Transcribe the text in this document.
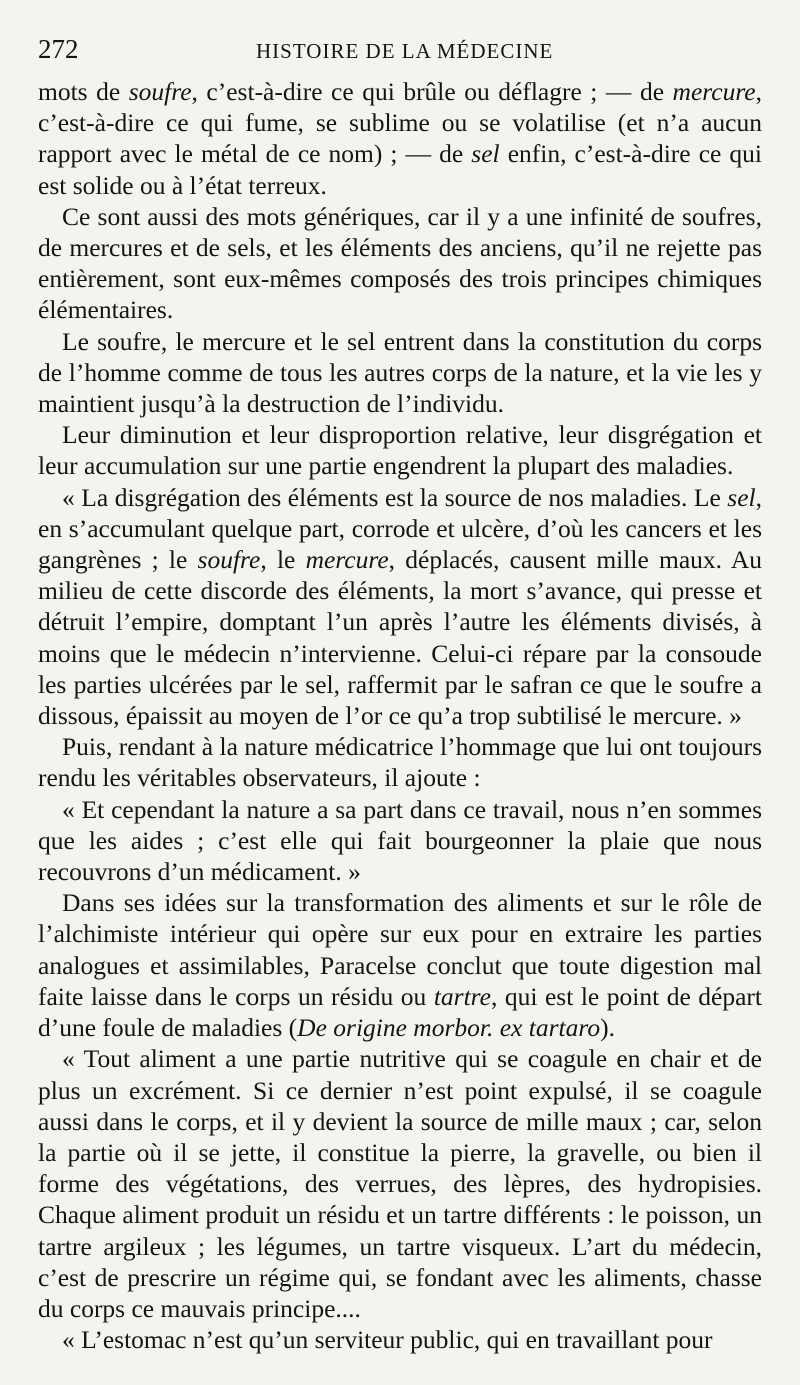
272	HISTOIRE DE LA MÉDECINE

mots de soufre, c’est-à-dire ce qui brûle ou déflagre ; — de mercure, c’est-à-dire ce qui fume, se sublime ou se volatilise (et n’a aucun rapport avec le métal de ce nom) ; — de sel enfin, c’est-à-dire ce qui est solide ou à l’état terreux.

Ce sont aussi des mots génériques, car il y a une infinité de soufres, de mercures et de sels, et les éléments des anciens, qu’il ne rejette pas entièrement, sont eux-mêmes composés des trois principes chimiques élémentaires.

Le soufre, le mercure et le sel entrent dans la constitution du corps de l’homme comme de tous les autres corps de la nature, et la vie les y maintient jusqu’à la destruction de l’individu.

Leur diminution et leur disproportion relative, leur disgrégation et leur accumulation sur une partie engendrent la plupart des maladies.

« La disgrégation des éléments est la source de nos maladies. Le sel, en s’accumulant quelque part, corrode et ulcère, d’où les cancers et les gangrènes ; le soufre, le mercure, déplacés, causent mille maux. Au milieu de cette discorde des éléments, la mort s’avance, qui presse et détruit l’empire, domptant l’un après l’autre les éléments divisés, à moins que le médecin n’intervienne. Celui-ci répare par la consoude les parties ulcérées par le sel, raffermit par le safran ce que le soufre a dissous, épaissit au moyen de l’or ce qu’a trop subtilisé le mercure. »

Puis, rendant à la nature médicatrice l’hommage que lui ont toujours rendu les véritables observateurs, il ajoute :

« Et cependant la nature a sa part dans ce travail, nous n’en sommes que les aides ; c’est elle qui fait bourgeonner la plaie que nous recouvrons d’un médicament. »

Dans ses idées sur la transformation des aliments et sur le rôle de l’alchimiste intérieur qui opère sur eux pour en extraire les parties analogues et assimilables, Paracelse conclut que toute digestion mal faite laisse dans le corps un résidu ou tartre, qui est le point de départ d’une foule de maladies (De origine morbor. ex tartaro).

« Tout aliment a une partie nutritive qui se coagule en chair et de plus un excrément. Si ce dernier n’est point expulsé, il se coagule aussi dans le corps, et il y devient la source de mille maux ; car, selon la partie où il se jette, il constitue la pierre, la gravelle, ou bien il forme des végétations, des verrues, des lèpres, des hydropisies. Chaque aliment produit un résidu et un tartre différents : le poisson, un tartre argileux ; les légumes, un tartre visqueux. L’art du médecin, c’est de prescrire un régime qui, se fondant avec les aliments, chasse du corps ce mauvais principe....

« L’estomac n’est qu’un serviteur public, qui en travaillant pour
